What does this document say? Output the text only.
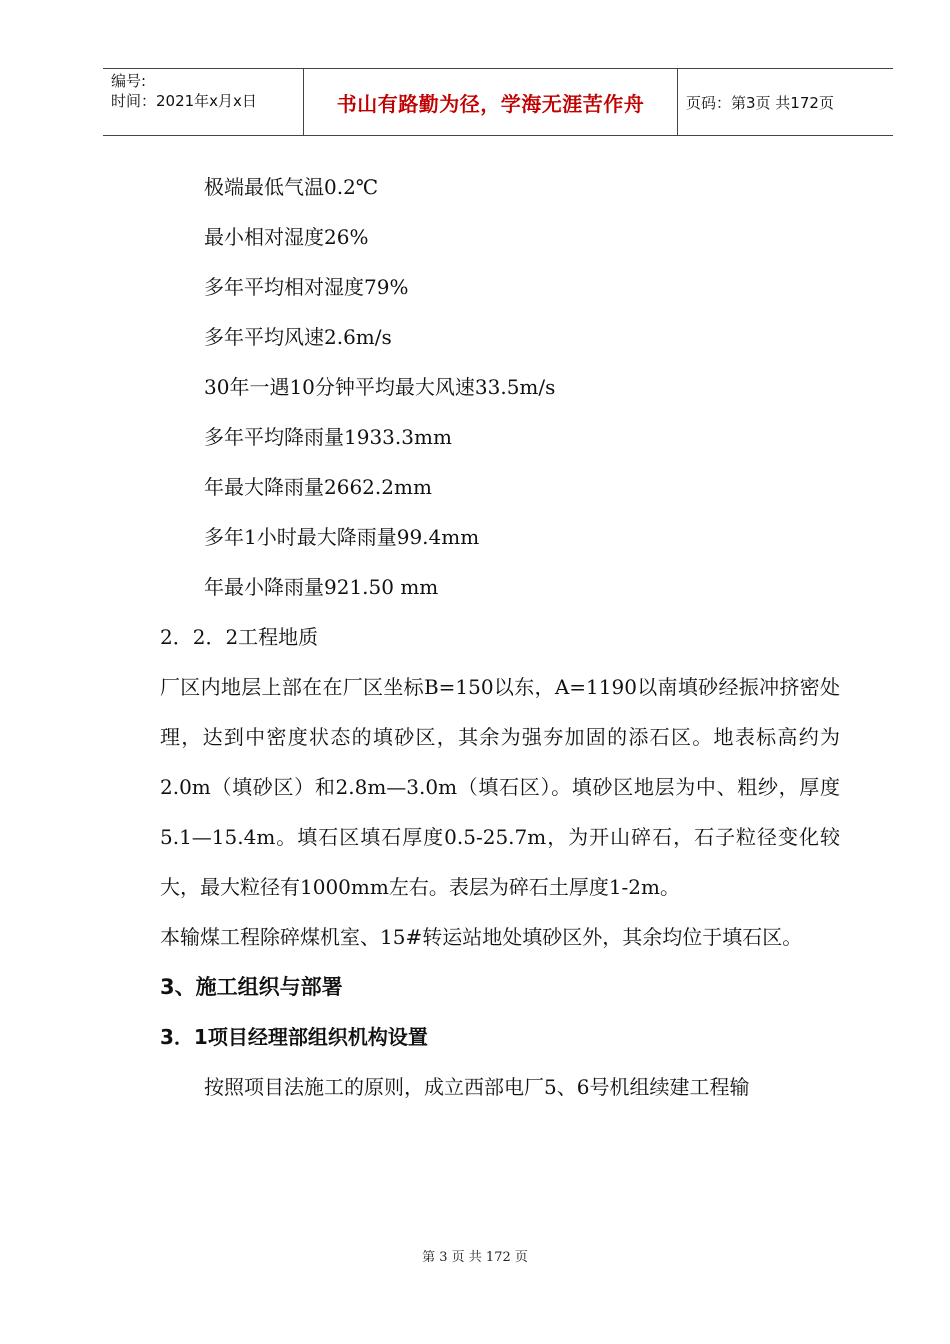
编号:
时间：2021年x月x日	书山有路勤为径，学海无涯苦作舟	页码：第3页 共172页

极端最低气温0.2℃

最小相对湿度26%

多年平均相对湿度79%

多年平均风速2.6m/s

30年一遇10分钟平均最大风速33.5m/s

多年平均降雨量1933.3mm

年最大降雨量2662.2mm

多年1小时最大降雨量99.4mm

年最小降雨量921.50 mm

2．2．2工程地质

厂区内地层上部在在厂区坐标B=150以东，A=1190以南填砂经振冲挤密处理，达到中密度状态的填砂区，其余为强夯加固的添石区。地表标高约为2.0m（填砂区）和2.8m—3.0m（填石区）。填砂区地层为中、粗纱，厚度5.1—15.4m。填石区填石厚度0.5-25.7m，为开山碎石，石子粒径变化较大，最大粒径有1000mm左右。表层为碎石土厚度1-2m。

本输煤工程除碎煤机室、15#转运站地处填砂区外，其余均位于填石区。

3、施工组织与部署

3．1项目经理部组织机构设置

按照项目法施工的原则，成立西部电厂5、6号机组续建工程输

第 3 页 共 172 页
